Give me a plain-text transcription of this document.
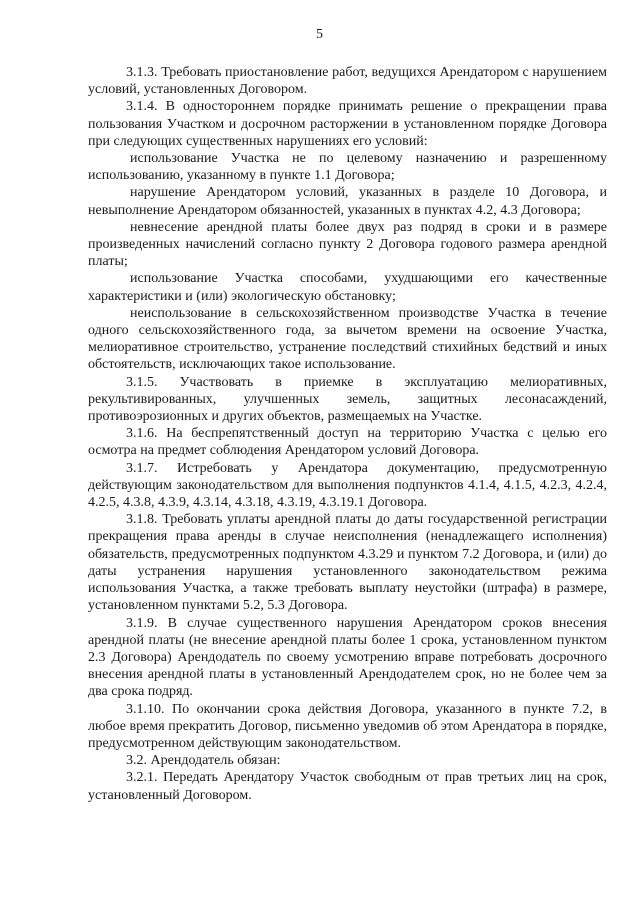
5

3.1.3. Требовать приостановление работ, ведущихся Арендатором с нарушением условий, установленных Договором.

3.1.4. В одностороннем порядке принимать решение о прекращении права пользования Участком и досрочном расторжении в установленном порядке Договора при следующих существенных нарушениях его условий:

использование Участка не по целевому назначению и разрешенному использованию, указанному в пункте 1.1 Договора;

нарушение Арендатором условий, указанных в разделе 10 Договора, и невыполнение Арендатором обязанностей, указанных в пунктах 4.2, 4.3 Договора;

невнесение арендной платы более двух раз подряд в сроки и в размере произведенных начислений согласно пункту 2 Договора годового размера арендной платы;

использование Участка способами, ухудшающими его качественные характеристики и (или) экологическую обстановку;

неиспользование в сельскохозяйственном производстве Участка в течение одного сельскохозяйственного года, за вычетом времени на освоение Участка, мелиоративное строительство, устранение последствий стихийных бедствий и иных обстоятельств, исключающих такое использование.

3.1.5. Участвовать в приемке в эксплуатацию мелиоративных, рекультивированных, улучшенных земель, защитных лесонасаждений, противоэрозионных и других объектов, размещаемых на Участке.

3.1.6. На беспрепятственный доступ на территорию Участка с целью его осмотра на предмет соблюдения Арендатором условий Договора.

3.1.7. Истребовать у Арендатора документацию, предусмотренную действующим законодательством для выполнения подпунктов 4.1.4, 4.1.5, 4.2.3, 4.2.4, 4.2.5, 4.3.8, 4.3.9, 4.3.14, 4.3.18, 4.3.19, 4.3.19.1 Договора.

3.1.8. Требовать уплаты арендной платы до даты государственной регистрации прекращения права аренды в случае неисполнения (ненадлежащего исполнения) обязательств, предусмотренных подпунктом 4.3.29 и пунктом 7.2 Договора, и (или) до даты устранения нарушения установленного законодательством режима использования Участка, а также требовать выплату неустойки (штрафа) в размере, установленном пунктами 5.2, 5.3 Договора.

3.1.9. В случае существенного нарушения Арендатором сроков внесения арендной платы (не внесение арендной платы более 1 срока, установленном пунктом 2.3 Договора) Арендодатель по своему усмотрению вправе потребовать досрочного внесения арендной платы в установленный Арендодателем срок, но не более чем за два срока подряд.

3.1.10. По окончании срока действия Договора, указанного в пункте 7.2, в любое время прекратить Договор, письменно уведомив об этом Арендатора в порядке, предусмотренном действующим законодательством.

3.2. Арендодатель обязан:

3.2.1. Передать Арендатору Участок свободным от прав третьих лиц на срок, установленный Договором.
